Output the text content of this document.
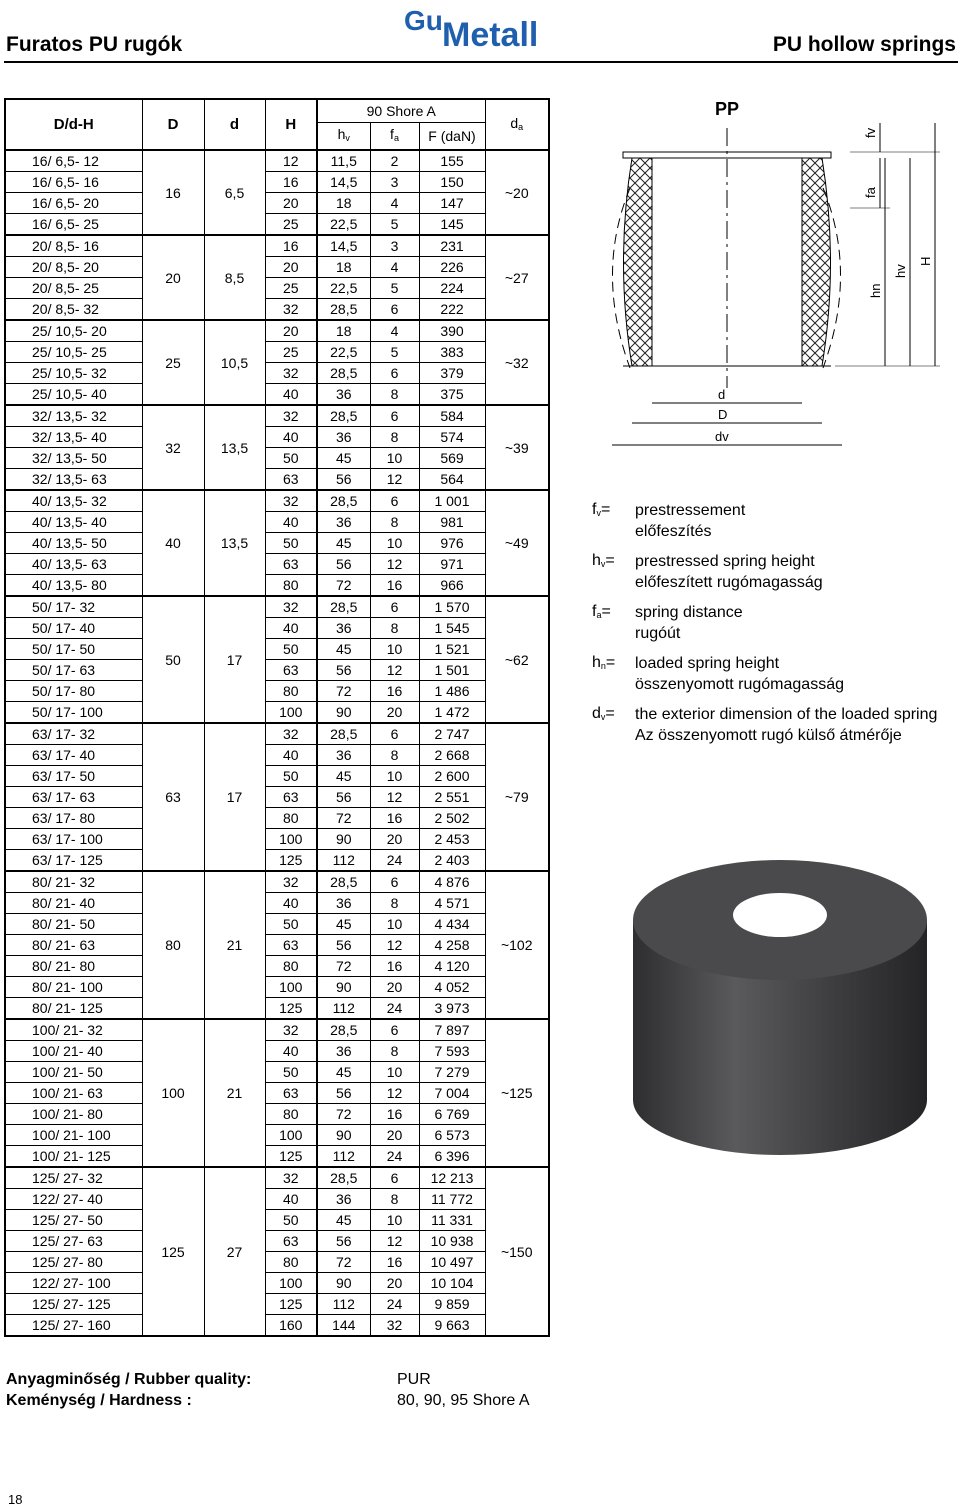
Furatos PU rugók
Gu Metall	PU hollow springs
D/d-H	D	d	H	90 Shore A			$d_a$
				$h_v$	$f_a$	F (daN)	
16/ 6,5- 12	16	6,5	12	11,5	2	155	~20
16/ 6,5- 16			16	14,5	3	150	
16/ 6,5- 20			20	18	4	147	
16/ 6,5- 25			25	22,5	5	145	
20/ 8,5- 16	20	8,5	16	14,5	3	231	~27
20/ 8,5- 20			20	18	4	226	
20/ 8,5- 25			25	22,5	5	224	
20/ 8,5- 32			32	28,5	6	222	
25/ 10,5- 20	25	10,5	20	18	4	390	~32
25/ 10,5- 25			25	22,5	5	383	
25/ 10,5- 32			32	28,5	6	379	
25/ 10,5- 40			40	36	8	375	
32/ 13,5- 32	32	13,5	32	28,5	6	584	~39
32/ 13,5- 40			40	36	8	574	
32/ 13,5- 50			50	45	10	569	
32/ 13,5- 63			63	56	12	564	
40/ 13,5- 32	40	13,5	32	28,5	6	1 001	~49
40/ 13,5- 40			40	36	8	981	
40/ 13,5- 50			50	45	10	976	
40/ 13,5- 63			63	56	12	971	
40/ 13,5- 80			80	72	16	966	
50/ 17- 32	50	17	32	28,5	6	1 570	~62
50/ 17- 40			40	36	8	1 545	
50/ 17- 50			50	45	10	1 521	
50/ 17- 63			63	56	12	1 501	
50/ 17- 80			80	72	16	1 486	
50/ 17- 100			100	90	20	1 472	
63/ 17- 32	63	17	32	28,5	6	2 747	~79
63/ 17- 40			40	36	8	2 668	
63/ 17- 50			50	45	10	2 600	
63/ 17- 63			63	56	12	2 551	
63/ 17- 80			80	72	16	2 502	
63/ 17- 100			100	90	20	2 453	
63/ 17- 125			125	112	24	2 403	
80/ 21- 32	80	21	32	28,5	6	4 876	~102
80/ 21- 40			40	36	8	4 571	
80/ 21- 50			50	45	10	4 434	
80/ 21- 63			63	56	12	4 258	
80/ 21- 80			80	72	16	4 120	
80/ 21- 100			100	90	20	4 052	
80/ 21- 125			125	112	24	3 973	
100/ 21- 32	100	21	32	28,5	6	7 897	~125
100/ 21- 40			40	36	8	7 593	
100/ 21- 50			50	45	10	7 279	
100/ 21- 63			63	56	12	7 004	
100/ 21- 80			80	72	16	6 769	
100/ 21- 100			100	90	20	6 573	
100/ 21- 125			125	112	24	6 396	
125/ 27- 32	125	27	32	28,5	6	12 213	~150
122/ 27- 40			40	36	8	11 772	
125/ 27- 50			50	45	10	11 331	
125/ 27- 63			63	56	12	10 938	
125/ 27- 80			80	72	16	10 497	
122/ 27- 100			100	90	20	10 104	
125/ 27- 125			125	112	24	9 859	
125/ 27- 160			160	144	32	9 663	
PP
d
D
dv
fv
fa
hn
hv
H
$f_v=$	prestressement
előfeszítés
$h_v=$	prestressed spring height
előfeszített rugómagasság
$f_a=$	spring distance
rugóút
$h_n=$	loaded spring height
összenyomott rugómagasság
$d_v=$	the exterior dimension of the loaded spring
Az összenyomott rugó külső átmérője
Anyagminőség / Rubber quality:	PUR
Keménység / Hardness :	80, 90, 95 Shore A
18
